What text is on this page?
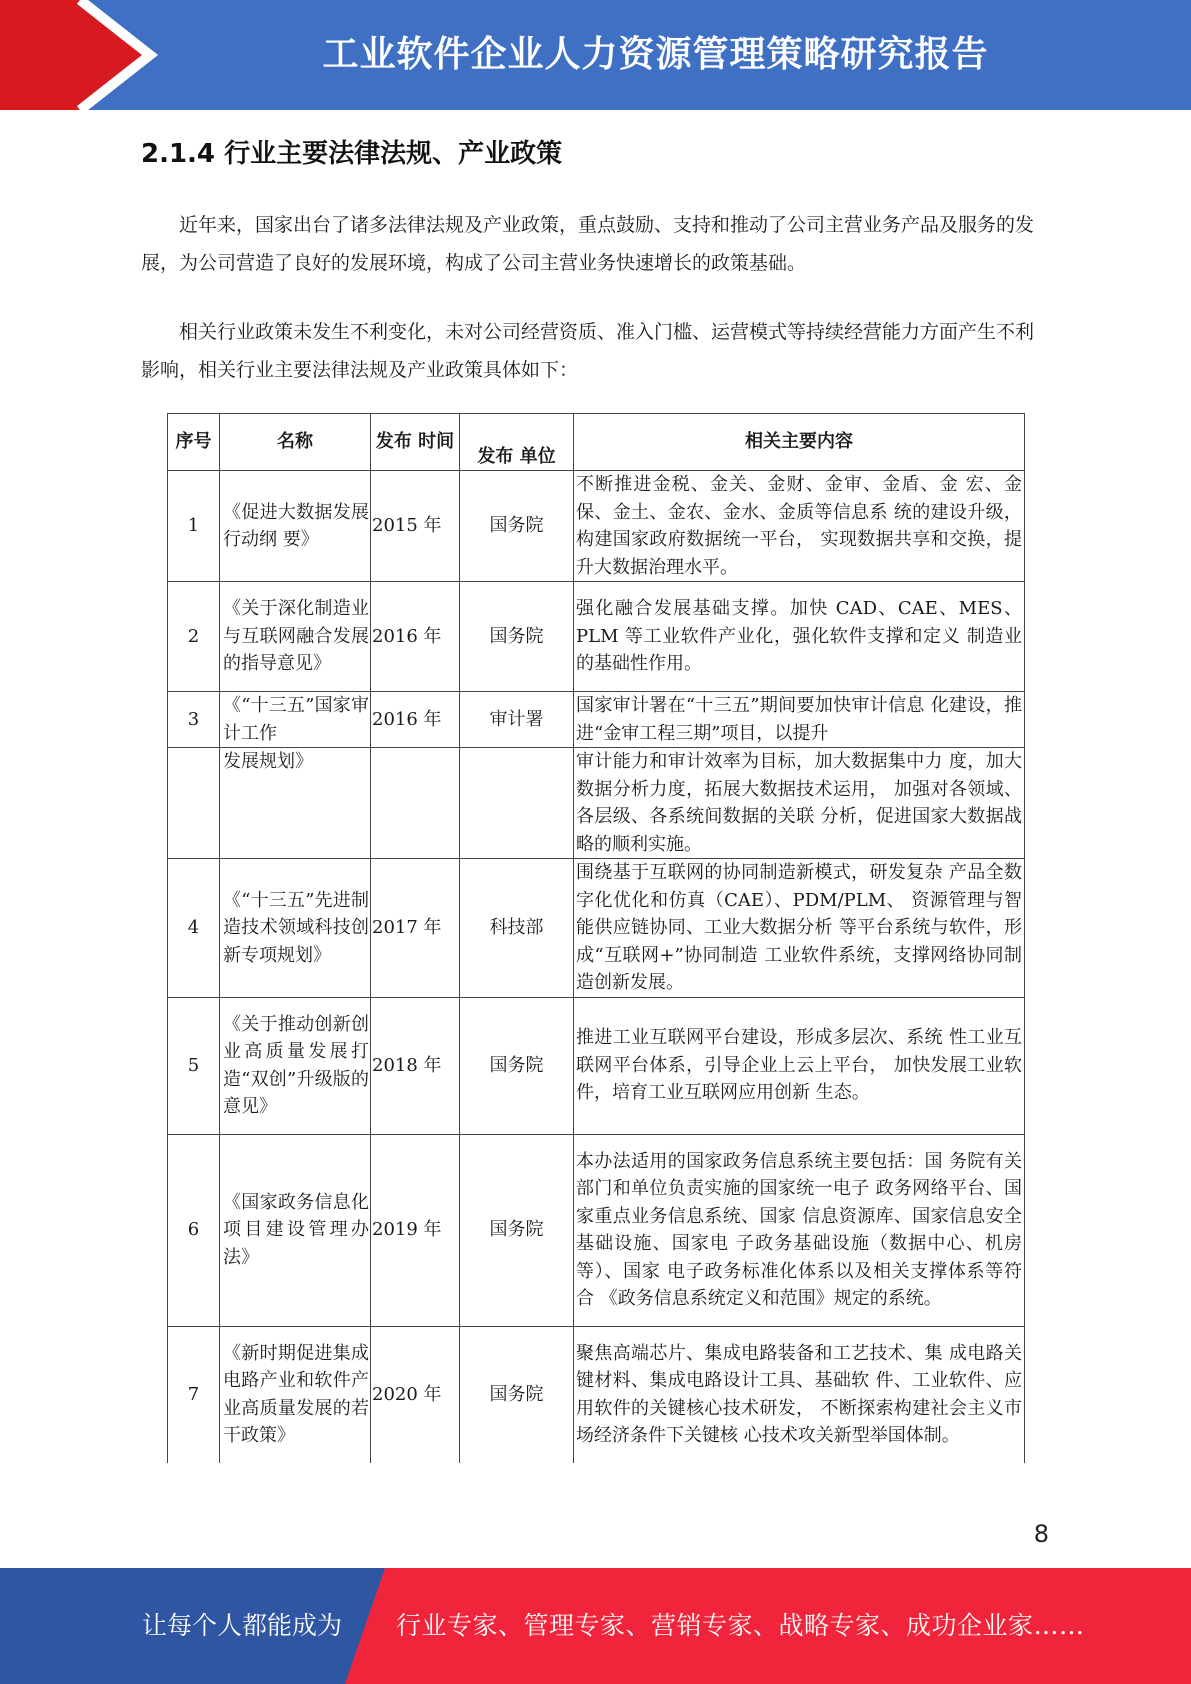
工业软件企业人力资源管理策略研究报告
2.1.4 行业主要法律法规、产业政策
近年来，国家出台了诸多法律法规及产业政策，重点鼓励、支持和推动了公司主营业务产品及服务的发展，为公司营造了良好的发展环境，构成了公司主营业务快速增长的政策基础。
相关行业政策未发生不利变化，未对公司经营资质、准入门槛、运营模式等持续经营能力方面产生不利影响，相关行业主要法律法规及产业政策具体如下：
序号	名称	发布 时间	发布 单位	相关主要内容
1	《促进大数据发展行动纲 要》	2015 年	国务院	不断推进金税、金关、金财、金审、金盾、金 宏、金保、金土、金农、金水、金质等信息系 统的建设升级，构建国家政府数据统一平台， 实现数据共享和交换，提升大数据治理水平。
2	《关于深化制造业与互联网融合发展的指导意见》	2016 年	国务院	强化融合发展基础支撑。加快 CAD、CAE、MES、PLM 等工业软件产业化，强化软件支撑和定义 制造业的基础性作用。
3	《“十三五”国家审计工作	2016 年	审计署	国家审计署在“十三五”期间要加快审计信息 化建设，推进“金审工程三期”项目，以提升
	发展规划》			审计能力和审计效率为目标，加大数据集中力 度，加大数据分析力度，拓展大数据技术运用， 加强对各领域、各层级、各系统间数据的关联 分析，促进国家大数据战略的顺利实施。
4	《“十三五”先进制造技术领域科技创新专项规划》	2017 年	科技部	围绕基于互联网的协同制造新模式，研发复杂 产品全数字化优化和仿真（CAE）、PDM/PLM、 资源管理与智能供应链协同、工业大数据分析 等平台系统与软件，形成“互联网+”协同制造 工业软件系统，支撑网络协同制造创新发展。
5	《关于推动创新创业高质量发展打造“双创”升级版的意见》	2018 年	国务院	推进工业互联网平台建设，形成多层次、系统 性工业互联网平台体系，引导企业上云上平台， 加快发展工业软件，培育工业互联网应用创新 生态。
6	《国家政务信息化项目建设管理办法》	2019 年	国务院	本办法适用的国家政务信息系统主要包括：国 务院有关部门和单位负责实施的国家统一电子 政务网络平台、国家重点业务信息系统、国家 信息资源库、国家信息安全基础设施、国家电 子政务基础设施（数据中心、机房等）、国家 电子政务标准化体系以及相关支撑体系等符合 《政务信息系统定义和范围》规定的系统。
7	《新时期促进集成电路产业和软件产业高质量发展的若干政策》	2020 年	国务院	聚焦高端芯片、集成电路装备和工艺技术、集 成电路关键材料、集成电路设计工具、基础软 件、工业软件、应用软件的关键核心技术研发， 不断探索构建社会主义市场经济条件下关键核 心技术攻关新型举国体制。
8
让每个人都能成为 行业专家、管理专家、营销专家、战略专家、成功企业家……
